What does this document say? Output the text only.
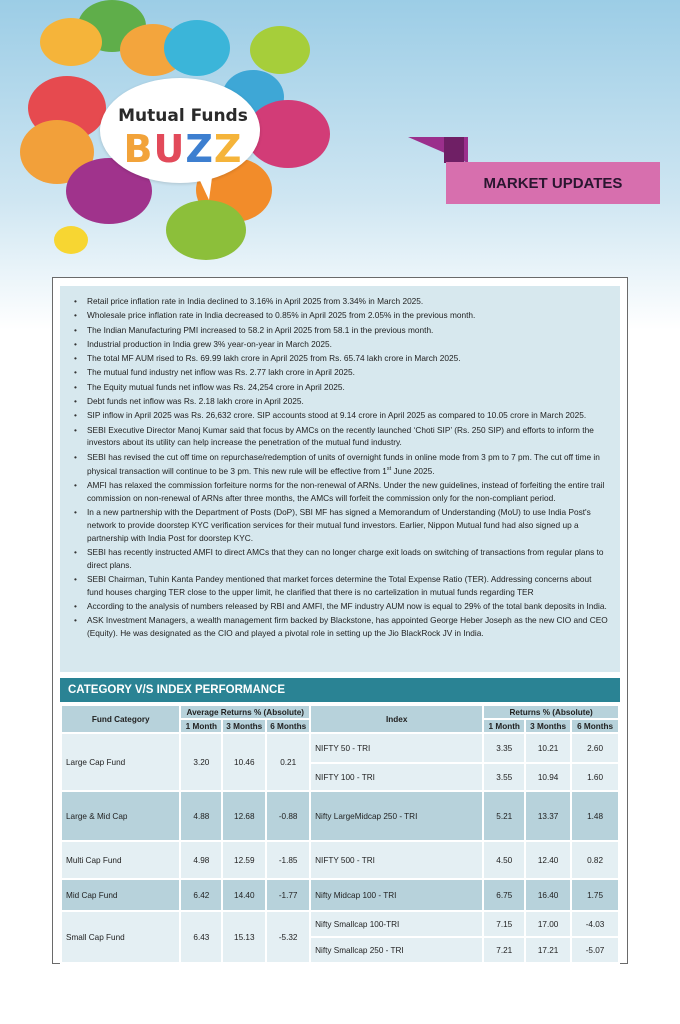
Mutual Funds
BUZZ
MARKET UPDATES
• Retail price inflation rate in India declined to 3.16% in April 2025 from 3.34% in March 2025.
• Wholesale price inflation rate in India decreased to 0.85% in April 2025 from 2.05% in the previous month.
• The Indian Manufacturing PMI increased to 58.2 in April 2025 from 58.1 in the previous month.
• Industrial production in India grew 3% year-on-year in March 2025.
• The total MF AUM rised to Rs. 69.99 lakh crore in April 2025 from Rs. 65.74 lakh crore in March 2025.
• The mutual fund industry net inflow was Rs. 2.77 lakh crore in April 2025.
• The Equity mutual funds net inflow was Rs. 24,254 crore in April 2025.
• Debt funds net inflow was Rs. 2.18 lakh crore in April 2025.
• SIP inflow in April 2025 was Rs. 26,632 crore. SIP accounts stood at 9.14 crore in April 2025 as compared to 10.05 crore in March 2025.
• SEBI Executive Director Manoj Kumar said that focus by AMCs on the recently launched ‘Choti SIP’ (Rs. 250 SIP) and efforts to inform the investors about its utility can help increase the penetration of the mutual fund industry.
• SEBI has revised the cut off time on repurchase/redemption of units of overnight funds in online mode from 3 pm to 7 pm. The cut off time in physical transaction will continue to be 3 pm. This new rule will be effective from 1st June 2025.
• AMFI has relaxed the commission forfeiture norms for the non-renewal of ARNs. Under the new guidelines, instead of forfeiting the entire trail commission on non-renewal of ARNs after three months, the AMCs will forfeit the commission only for the non-compliant period.
• In a new partnership with the Department of Posts (DoP), SBI MF has signed a Memorandum of Understanding (MoU) to use India Post's network to provide doorstep KYC verification services for their mutual fund investors. Earlier, Nippon Mutual fund had also signed up a partnership with India Post for doorstep KYC.
• SEBI has recently instructed AMFI to direct AMCs that they can no longer charge exit loads on switching of transactions from regular plans to direct plans.
• SEBI Chairman, Tuhin Kanta Pandey mentioned that market forces determine the Total Expense Ratio (TER). Addressing concerns about fund houses charging TER close to the upper limit, he clarified that there is no cartelization in mutual funds regarding TER
• According to the analysis of numbers released by RBI and AMFI, the MF industry AUM now is equal to 29% of the total bank deposits in India.
• ASK Investment Managers, a wealth management firm backed by Blackstone, has appointed George Heber Joseph as the new CIO and CEO (Equity). He was designated as the CIO and played a pivotal role in setting up the Jio BlackRock JV in India.
CATEGORY V/S INDEX PERFORMANCE
Fund Category	Average Returns % (Absolute)			Index	Returns % (Absolute)		
	1 Month	3 Months	6 Months		1 Month	3 Months	6 Months
Large Cap Fund	3.20	10.46	0.21	NIFTY 50 - TRI	3.35	10.21	2.60
				NIFTY 100 - TRI	3.55	10.94	1.60
Large & Mid Cap	4.88	12.68	-0.88	Nifty LargeMidcap 250 - TRI	5.21	13.37	1.48
Multi Cap Fund	4.98	12.59	-1.85	NIFTY 500 - TRI	4.50	12.40	0.82
Mid Cap Fund	6.42	14.40	-1.77	Nifty Midcap 100 - TRI	6.75	16.40	1.75
Small Cap Fund	6.43	15.13	-5.32	Nifty Smallcap 100-TRI	7.15	17.00	-4.03
				Nifty Smallcap 250 - TRI	7.21	17.21	-5.07
